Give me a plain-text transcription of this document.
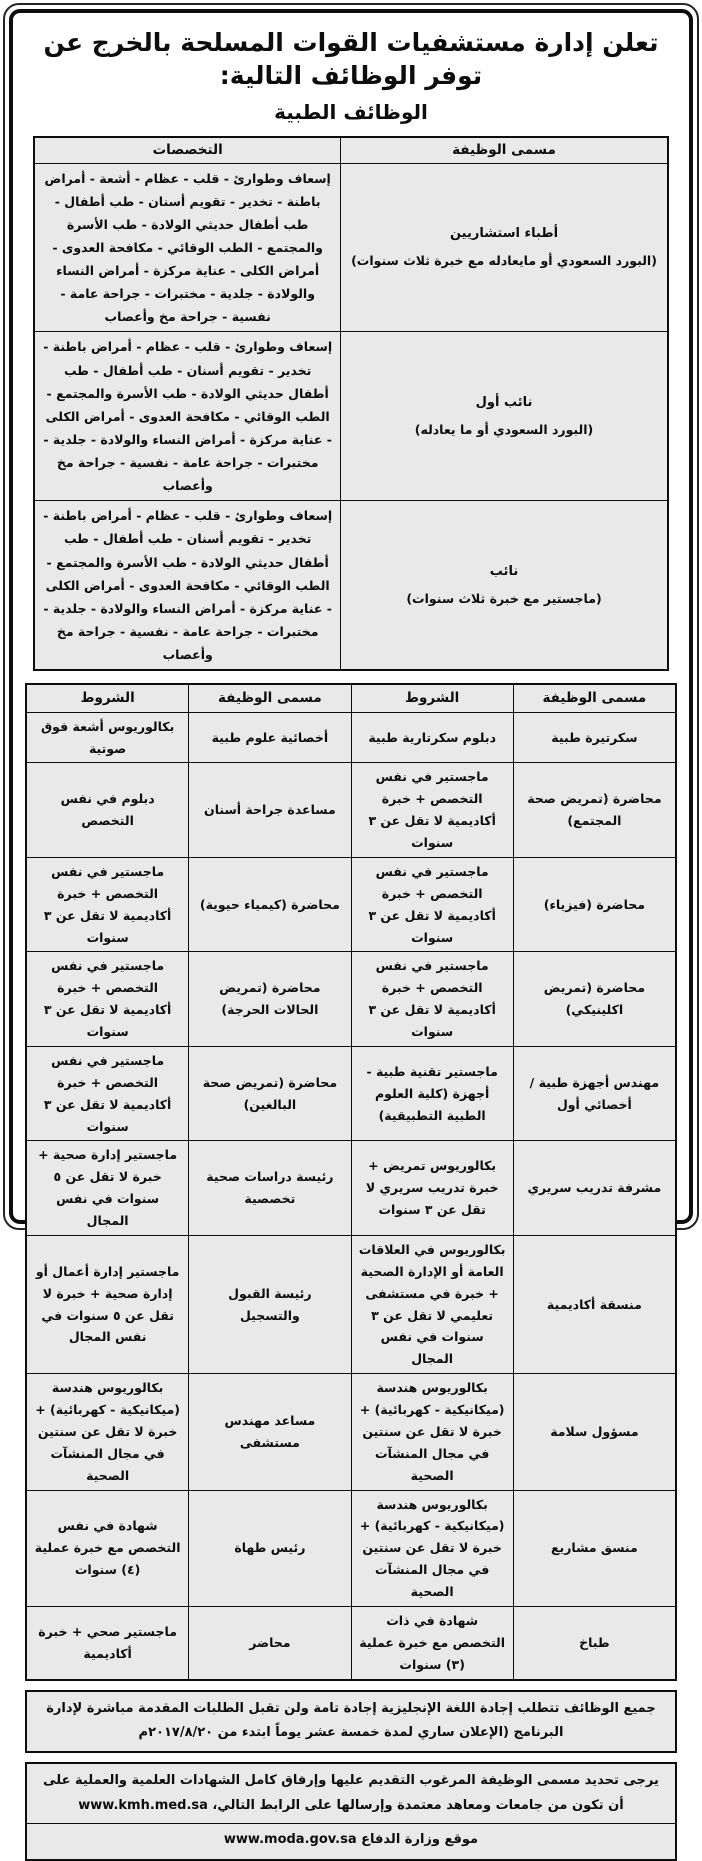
تعلن إدارة مستشفيات القوات المسلحة بالخرج عن توفر الوظائف التالية:
الوظائف الطبية
مسمى الوظيفة	التخصصات

أطباء استشاريين
(البورد السعودي أو مايعادله مع خبرة ثلاث سنوات)	إسعاف وطوارئ - قلب - عظام - أشعة - أمراض باطنة - تخدير - تقويم أسنان - طب أطفال - طب أطفال حديثي الولادة - طب الأسرة والمجتمع - الطب الوقائي - مكافحة العدوى - أمراض الكلى - عناية مركزة - أمراض النساء والولادة - جلدية - مختبرات - جراحة عامة - نفسية - جراحة مخ وأعصاب

نائب أول
(البورد السعودي أو ما يعادله)	إسعاف وطوارئ - قلب - عظام - أمراض باطنة - تخدير - تقويم أسنان - طب أطفال - طب أطفال حديثي الولادة - طب الأسرة والمجتمع - الطب الوقائي - مكافحة العدوى - أمراض الكلى - عناية مركزة - أمراض النساء والولادة - جلدية - مختبرات - جراحة عامة - نفسية - جراحة مخ وأعصاب

نائب
(ماجستير مع خبرة ثلاث سنوات)	إسعاف وطوارئ - قلب - عظام - أمراض باطنة - تخدير - تقويم أسنان - طب أطفال - طب أطفال حديثي الولادة - طب الأسرة والمجتمع - الطب الوقائي - مكافحة العدوى - أمراض الكلى - عناية مركزة - أمراض النساء والولادة - جلدية - مختبرات - جراحة عامة - نفسية - جراحة مخ وأعصاب
مسمى الوظيفة	الشروط	مسمى الوظيفة	الشروط
سكرتيرة طبية	دبلوم سكرتارية طبية	أخصائية علوم طبية	بكالوريوس أشعة فوق صوتية
محاضرة (تمريض صحة المجتمع)	ماجستير في نفس التخصص + خبرة أكاديمية لا تقل عن ٣ سنوات	مساعدة جراحة أسنان	دبلوم في نفس التخصص
محاضرة (فيزياء)	ماجستير في نفس التخصص + خبرة أكاديمية لا تقل عن ٣ سنوات	محاضرة (كيمياء حيوية)	ماجستير في نفس التخصص + خبرة أكاديمية لا تقل عن ٣ سنوات
محاضرة (تمريض اكلينيكي)	ماجستير في نفس التخصص + خبرة أكاديمية لا تقل عن ٣ سنوات	محاضرة (تمريض الحالات الحرجة)	ماجستير في نفس التخصص + خبرة أكاديمية لا تقل عن ٣ سنوات
مهندس أجهزة طبية / أخصائي أول	ماجستير تقنية طبية - أجهزة (كلية العلوم الطبية التطبيقية)	محاضرة (تمريض صحة البالغين)	ماجستير في نفس التخصص + خبرة أكاديمية لا تقل عن ٣ سنوات
مشرفة تدريب سريري	بكالوريوس تمريض + خبرة تدريب سريري لا تقل عن ٣ سنوات	رئيسة دراسات صحية تخصصية	ماجستير إدارة صحية + خبرة لا تقل عن ٥ سنوات في نفس المجال
منسقة أكاديمية	بكالوريوس في العلاقات العامة أو الإدارة الصحية + خبرة في مستشفى تعليمي لا تقل عن ٣ سنوات في نفس المجال	رئيسة القبول والتسجيل	ماجستير إدارة أعمال أو إدارة صحية + خبرة لا تقل عن ٥ سنوات في نفس المجال
مسؤول سلامة	بكالوريوس هندسة (ميكانيكية - كهربائية) + خبرة لا تقل عن سنتين في مجال المنشآت الصحية	مساعد مهندس مستشفى	بكالوريوس هندسة (ميكانيكية - كهربائية) + خبرة لا تقل عن سنتين في مجال المنشآت الصحية
منسق مشاريع	بكالوريوس هندسة (ميكانيكية - كهربائية) + خبرة لا تقل عن سنتين في مجال المنشآت الصحية	رئيس طهاة	شهادة في نفس التخصص مع خبرة عملية (٤) سنوات
طباخ	شهادة في ذات التخصص مع خبرة عملية (٣) سنوات	محاضر	ماجستير صحي + خبرة أكاديمية

جميع الوظائف تتطلب إجادة اللغة الإنجليزية إجادة تامة ولن تقبل الطلبات المقدمة مباشرة لإدارة البرنامج (الإعلان ساري لمدة خمسة عشر يوماً ابتدء من ٢٠١٧/٨/٢٠م

يرجى تحديد مسمى الوظيفة المرغوب التقديم عليها وإرفاق كامل الشهادات العلمية والعملية على أن تكون من جامعات ومعاهد معتمدة وإرسالها على الرابط التالي، www.kmh.med.sa

موقع وزارة الدفاع www.moda.gov.sa
